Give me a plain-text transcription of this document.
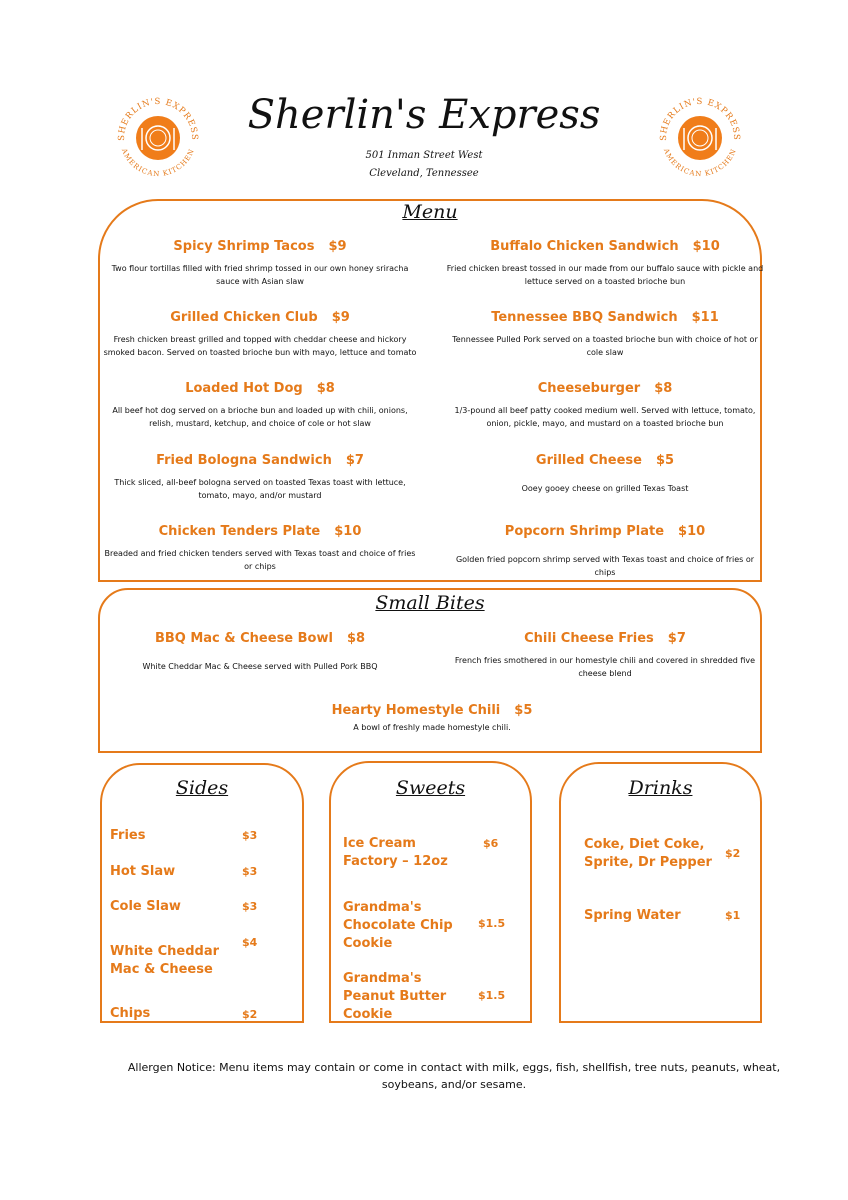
SHERLIN'S EXPRESS
AMERICAN KITCHEN
SHERLIN'S EXPRESS
AMERICAN KITCHEN
Sherlin's Express
501 Inman Street West
Cleveland, Tennessee
Menu
Spicy Shrimp Tacos $9
Two flour tortillas filled with fried shrimp tossed in our own honey sriracha sauce with Asian slaw
Buffalo Chicken Sandwich $10
Fried chicken breast tossed in our made from our buffalo sauce with pickle and lettuce served on a toasted brioche bun
Grilled Chicken Club $9
Fresh chicken breast grilled and topped with cheddar cheese and hickory smoked bacon. Served on toasted brioche bun with mayo, lettuce and tomato
Tennessee BBQ Sandwich $11
Tennessee Pulled Pork served on a toasted brioche bun with choice of hot or cole slaw
Loaded Hot Dog $8
All beef hot dog served on a brioche bun and loaded up with chili, onions, relish, mustard, ketchup, and choice of cole or hot slaw
Cheeseburger $8
1/3-pound all beef patty cooked medium well. Served with lettuce, tomato, onion, pickle, mayo, and mustard on a toasted brioche bun
Fried Bologna Sandwich $7
Thick sliced, all-beef bologna served on toasted Texas toast with lettuce, tomato, mayo, and/or mustard
Grilled Cheese $5
Ooey gooey cheese on grilled Texas Toast
Chicken Tenders Plate $10
Breaded and fried chicken tenders served with Texas toast and choice of fries or chips
Popcorn Shrimp Plate $10
Golden fried popcorn shrimp served with Texas toast and choice of fries or chips
Small Bites
BBQ Mac & Cheese Bowl $8
White Cheddar Mac & Cheese served with Pulled Pork BBQ
Chili Cheese Fries $7
French fries smothered in our homestyle chili and covered in shredded five cheese blend
Hearty Homestyle Chili $5
A bowl of freshly made homestyle chili.
Sides
Fries	$3
Hot Slaw	$3
Cole Slaw	$3
White Cheddar Mac & Cheese
$4
Chips	$2
Sweets
Ice Cream Factory – 12oz
$6
Grandma's Chocolate Chip Cookie
$1.5
Grandma's Peanut Butter Cookie
$1.5
Drinks
Coke, Diet Coke, Sprite, Dr Pepper
$2
Spring Water	$1
Allergen Notice: Menu items may contain or come in contact with milk, eggs, fish, shellfish, tree nuts, peanuts, wheat, soybeans, and/or sesame.
